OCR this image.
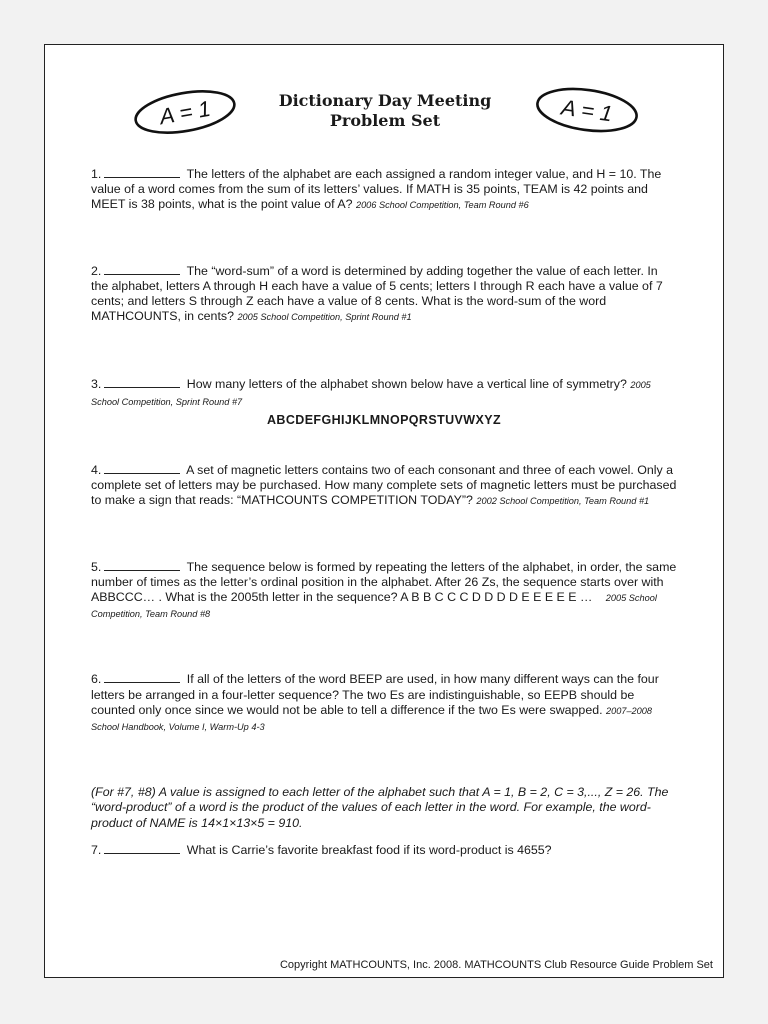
A = 1	Dictionary Day Meeting
Problem Set	A = 1

1.	The letters of the alphabet are each assigned a random integer value, and H = 10. The value of a word comes from the sum of its letters’ values. If MATH is 35 points, TEAM is 42 points and MEET is 38 points, what is the point value of A? 2006 School Competition, Team Round #6

2.	The “word-sum” of a word is determined by adding together the value of each letter. In the alphabet, letters A through H each have a value of 5 cents; letters I through R each have a value of 7 cents; and letters S through Z each have a value of 8 cents. What is the word-sum of the word MATHCOUNTS, in cents? 2005 School Competition, Sprint Round #1

3.	How many letters of the alphabet shown below have a vertical line of symmetry? 2005 School Competition, Sprint Round #7
ABCDEFGHIJKLMNOPQRSTUVWXYZ

4.	A set of magnetic letters contains two of each consonant and three of each vowel. Only a complete set of letters may be purchased. How many complete sets of magnetic letters must be purchased to make a sign that reads: “MATHCOUNTS COMPETITION TODAY”? 2002 School Competition, Team Round #1

5.	The sequence below is formed by repeating the letters of the alphabet, in order, the same number of times as the letter’s ordinal position in the alphabet. After 26 Zs, the sequence starts over with ABBCCC… . What is the 2005th letter in the sequence? A B B C C C D D D D E E E E E … 2005 School Competition, Team Round #8

6.	If all of the letters of the word BEEP are used, in how many different ways can the four letters be arranged in a four-letter sequence? The two Es are indistinguishable, so EEPB should be counted only once since we would not be able to tell a difference if the two Es were swapped. 2007–2008 School Handbook, Volume I, Warm-Up 4-3

(For #7, #8) A value is assigned to each letter of the alphabet such that A = 1, B = 2, C = 3,..., Z = 26. The “word-product” of a word is the product of the values of each letter in the word. For example, the word-product of NAME is 14×1×13×5 = 910.

7.	What is Carrie’s favorite breakfast food if its word-product is 4655?

Copyright MATHCOUNTS, Inc. 2008. MATHCOUNTS Club Resource Guide Problem Set
